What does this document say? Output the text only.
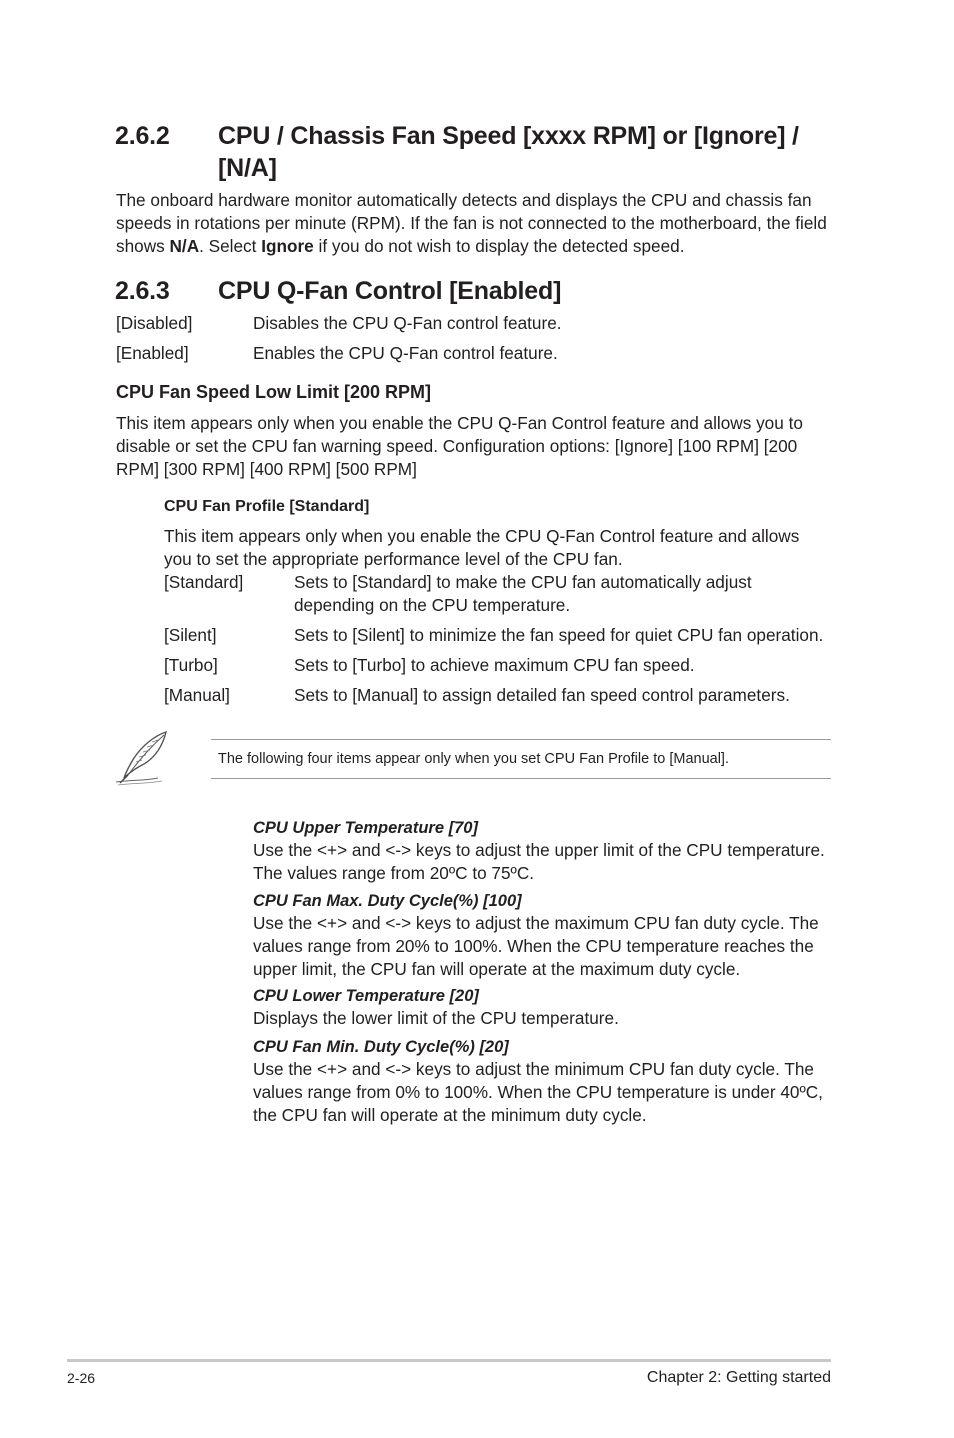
2.6.2 CPU / Chassis Fan Speed [xxxx RPM] or [Ignore] /
[N/A]
The onboard hardware monitor automatically detects and displays the CPU and chassis fan
speeds in rotations per minute (RPM). If the fan is not connected to the motherboard, the field
shows N/A. Select Ignore if you do not wish to display the detected speed.
2.6.3 CPU Q-Fan Control [Enabled]
[Disabled]	Disables the CPU Q-Fan control feature.
[Enabled]	Enables the CPU Q-Fan control feature.
CPU Fan Speed Low Limit [200 RPM]
This item appears only when you enable the CPU Q-Fan Control feature and allows you to
disable or set the CPU fan warning speed. Configuration options: [Ignore] [100 RPM] [200
RPM] [300 RPM] [400 RPM] [500 RPM]
CPU Fan Profile [Standard]
This item appears only when you enable the CPU Q-Fan Control feature and allows
you to set the appropriate performance level of the CPU fan.
[Standard]	Sets to [Standard] to make the CPU fan automatically adjust
depending on the CPU temperature.
[Silent]	Sets to [Silent] to minimize the fan speed for quiet CPU fan operation.
[Turbo]	Sets to [Turbo] to achieve maximum CPU fan speed.
[Manual]	Sets to [Manual] to assign detailed fan speed control parameters.
The following four items appear only when you set CPU Fan Profile to [Manual].
CPU Upper Temperature [70]
Use the <+> and <-> keys to adjust the upper limit of the CPU temperature.
The values range from 20ºC to 75ºC.
CPU Fan Max. Duty Cycle(%) [100]
Use the <+> and <-> keys to adjust the maximum CPU fan duty cycle. The
values range from 20% to 100%. When the CPU temperature reaches the
upper limit, the CPU fan will operate at the maximum duty cycle.
CPU Lower Temperature [20]
Displays the lower limit of the CPU temperature.
CPU Fan Min. Duty Cycle(%) [20]
Use the <+> and <-> keys to adjust the minimum CPU fan duty cycle. The
values range from 0% to 100%. When the CPU temperature is under 40ºC,
the CPU fan will operate at the minimum duty cycle.
2-26	Chapter 2: Getting started
